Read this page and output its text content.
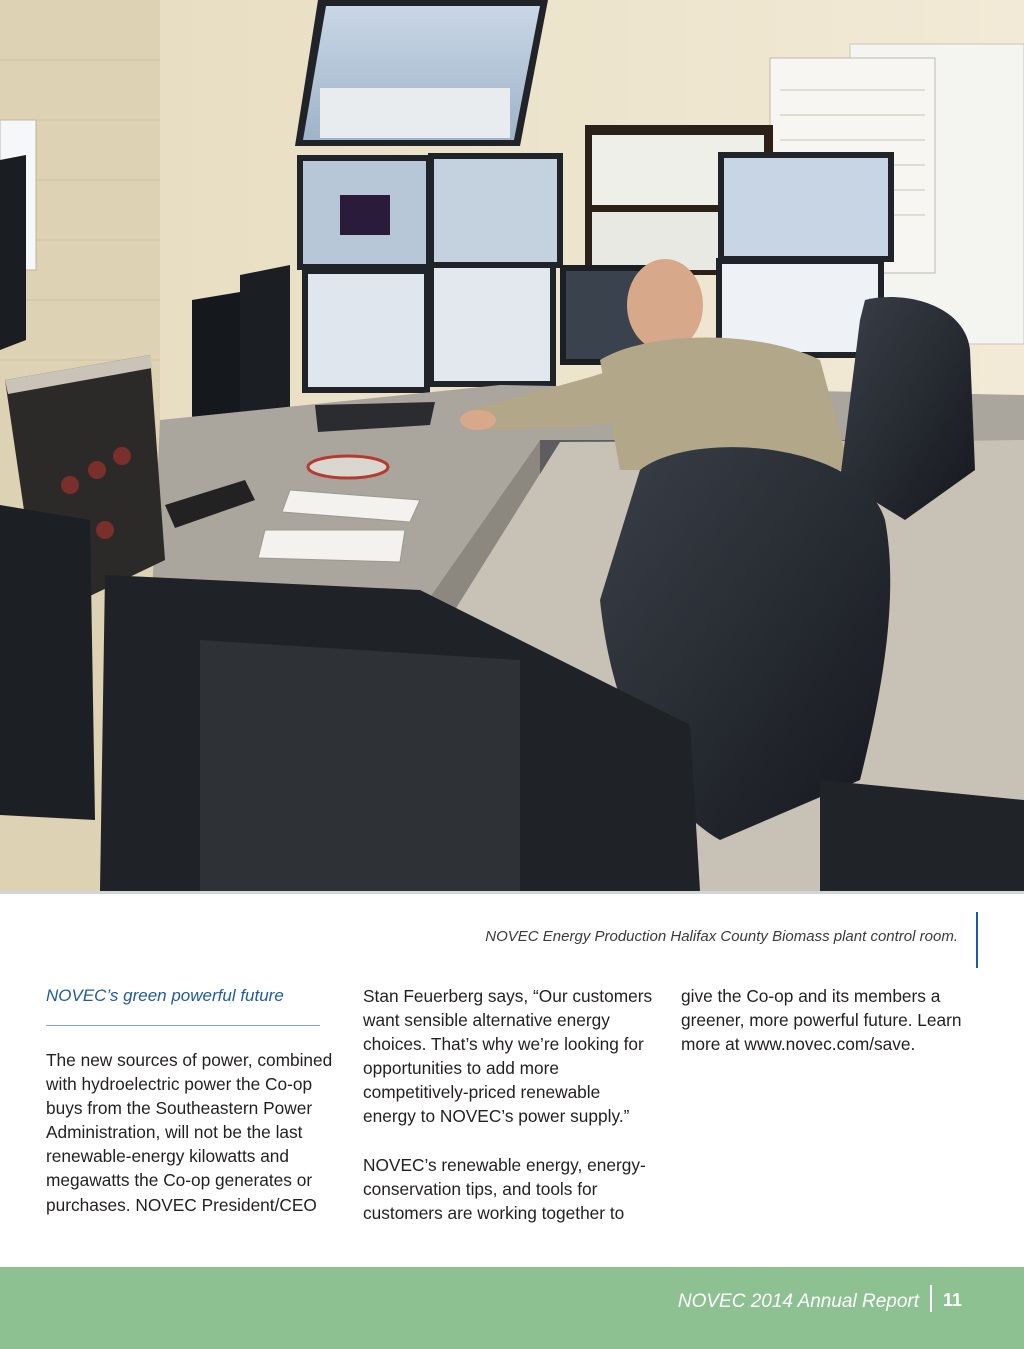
NOVEC Energy Production Halifax County Biomass plant control room.

NOVEC’s green powerful future

The new sources of power, combined with hydroelectric power the Co-op buys from the Southeastern Power Administration, will not be the last renewable-energy kilowatts and megawatts the Co-op generates or purchases. NOVEC President/CEO

Stan Feuerberg says, “Our customers want sensible alternative energy choices. That’s why we’re looking for opportunities to add more competitively-priced renewable energy to NOVEC’s power supply.”

NOVEC’s renewable energy, energy-conservation tips, and tools for customers are working together to

give the Co-op and its members a greener, more powerful future. Learn more at www.novec.com/save.

NOVEC 2014 Annual Report 11
